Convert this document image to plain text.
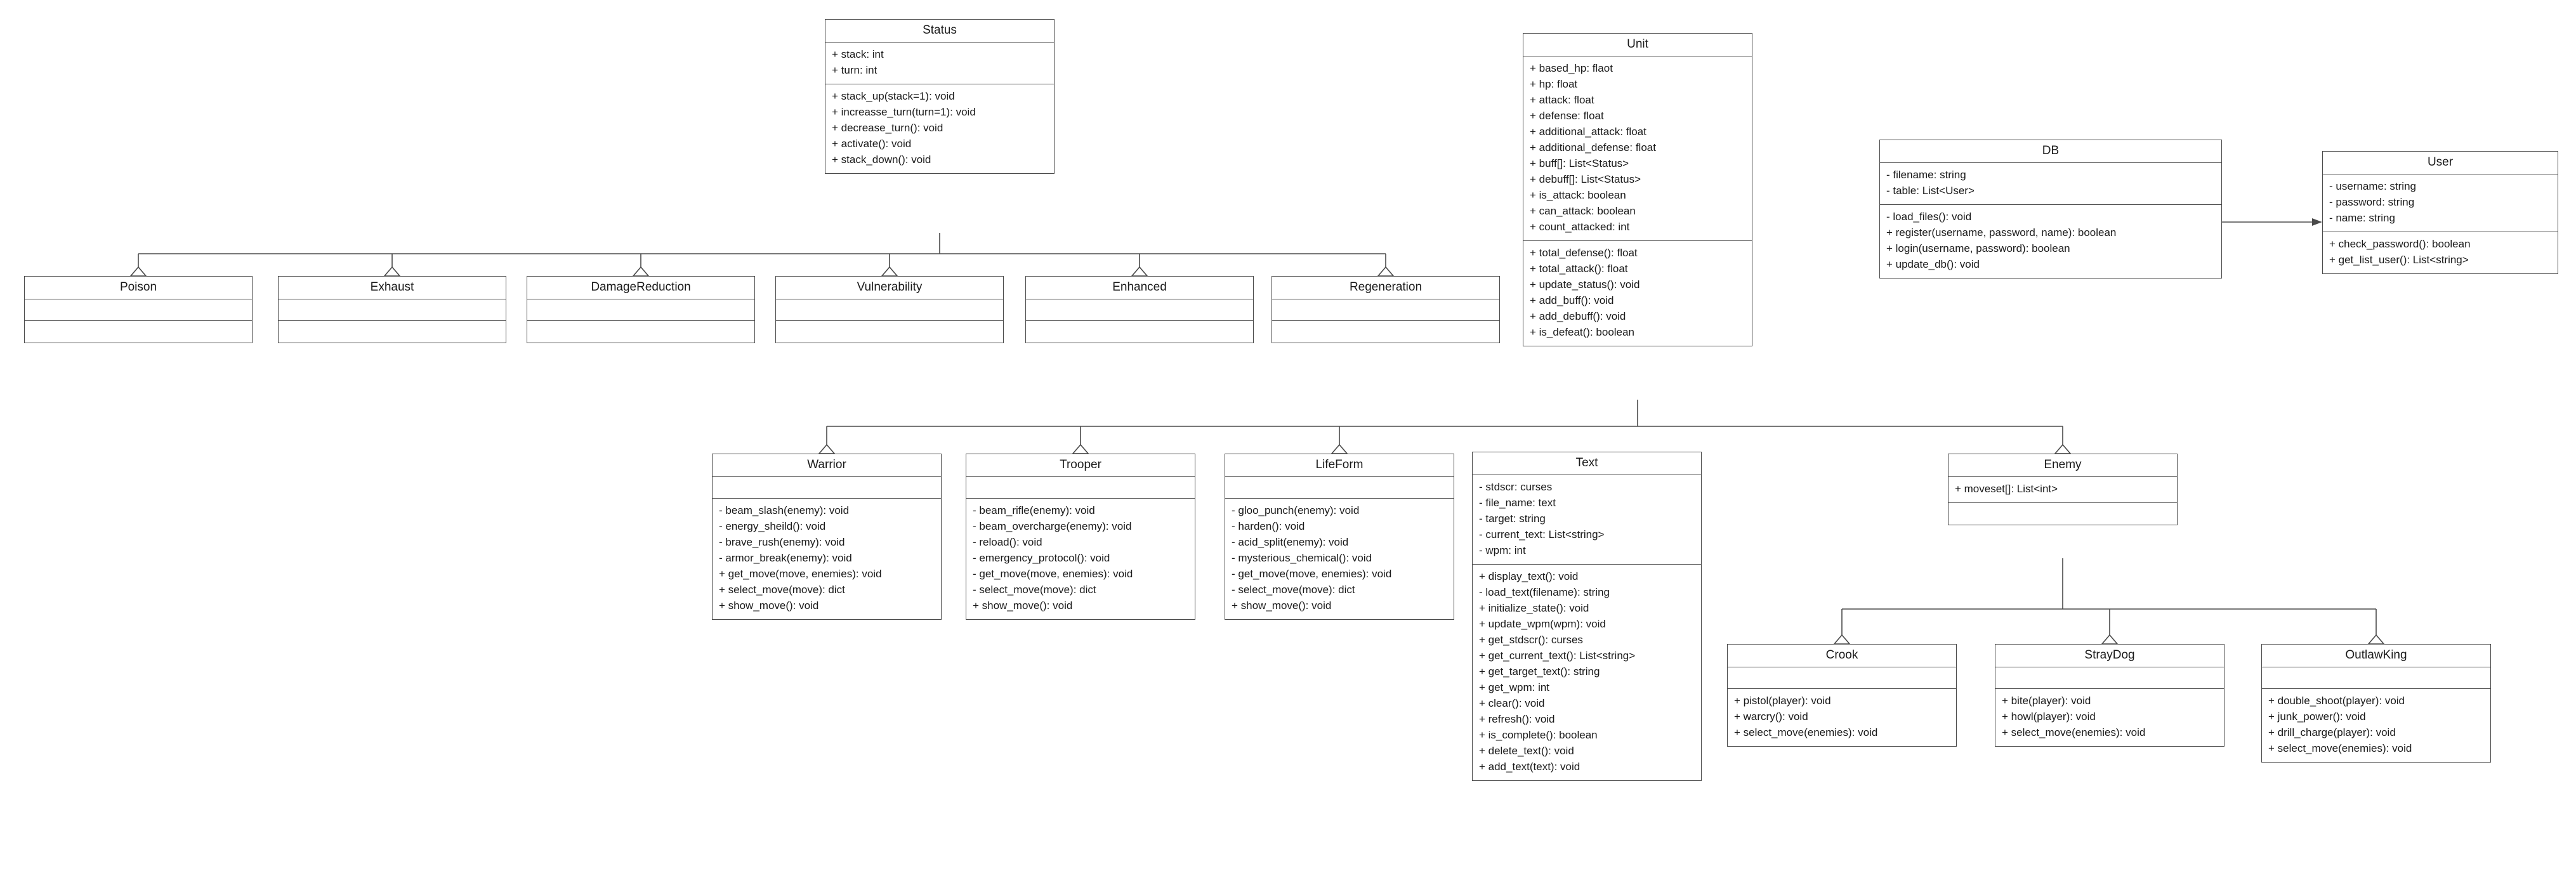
Status
+ stack: int
+ turn: int
+ stack_up(stack=1): void
+ increasse_turn(turn=1): void
+ decrease_turn(): void
+ activate(): void
+ stack_down(): void
Unit
+ based_hp: flaot
+ hp: float
+ attack: float
+ defense: float
+ additional_attack: float
+ additional_defense: float
+ buff[]: List<Status>
+ debuff[]: List<Status>
+ is_attack: boolean
+ can_attack: boolean
+ count_attacked: int
+ total_defense(): float
+ total_attack(): float
+ update_status(): void
+ add_buff(): void
+ add_debuff(): void
+ is_defeat(): boolean
DB
- filename: string
- table: List<User>
- load_files(): void
+ register(username, password, name): boolean
+ login(username, password): boolean
+ update_db(): void
User
- username: string
- password: string
- name: string
+ check_password(): boolean
+ get_list_user(): List<string>
Poison	Exhaust	DamageReduction	Vulnerability	Enhanced	Regeneration
Warrior
- beam_slash(enemy): void
- energy_sheild(): void
- brave_rush(enemy): void
- armor_break(enemy): void
+ get_move(move, enemies): void
+ select_move(move): dict
+ show_move(): void
Trooper
- beam_rifle(enemy): void
- beam_overcharge(enemy): void
- reload(): void
- emergency_protocol(): void
- get_move(move, enemies): void
- select_move(move): dict
+ show_move(): void
LifeForm
- gloo_punch(enemy): void
- harden(): void
- acid_split(enemy): void
- mysterious_chemical(): void
- get_move(move, enemies): void
- select_move(move): dict
+ show_move(): void
Text
- stdscr: curses
- file_name: text
- target: string
- current_text: List<string>
- wpm: int
+ display_text(): void
- load_text(filename): string
+ initialize_state(): void
+ update_wpm(wpm): void
+ get_stdscr(): curses
+ get_current_text(): List<string>
+ get_target_text(): string
+ get_wpm: int
+ clear(): void
+ refresh(): void
+ is_complete(): boolean
+ delete_text(): void
+ add_text(text): void
Enemy
+ moveset[]: List<int>
Crook
+ pistol(player): void
+ warcry(): void
+ select_move(enemies): void
StrayDog
+ bite(player): void
+ howl(player): void
+ select_move(enemies): void
OutlawKing
+ double_shoot(player): void
+ junk_power(): void
+ drill_charge(player): void
+ select_move(enemies): void
